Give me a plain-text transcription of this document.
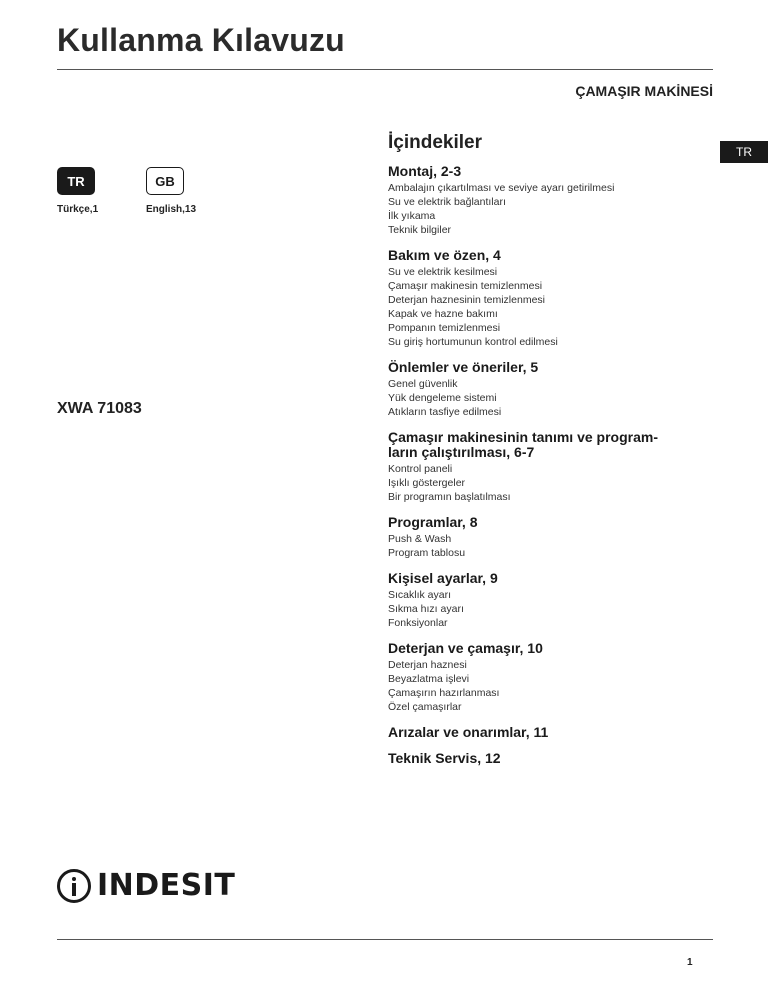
Kullanma Kılavuzu
ÇAMAŞIR MAKİNESİ
TR
TR
Türkçe,1
GB
English,13
XWA 71083
İçindekiler
Montaj, 2-3
Ambalajın çıkartılması ve seviye ayarı getirilmesi
Su ve elektrik bağlantıları
İlk yıkama
Teknik bilgiler
Bakım ve özen, 4
Su ve elektrik kesilmesi
Çamaşır makinesin temizlenmesi
Deterjan haznesinin temizlenmesi
Kapak ve hazne bakımı
Pompanın temizlenmesi
Su giriş hortumunun kontrol edilmesi
Önlemler ve öneriler, 5
Genel güvenlik
Yük dengeleme sistemi
Atıkların tasfiye edilmesi
Çamaşır makinesinin tanımı ve program-
ların çalıştırılması, 6-7
Kontrol paneli
Işıklı göstergeler
Bir programın başlatılması
Programlar, 8
Push & Wash
Program tablosu
Kişisel ayarlar, 9
Sıcaklık ayarı
Sıkma hızı ayarı
Fonksiyonlar
Deterjan ve çamaşır, 10
Deterjan haznesi
Beyazlatma işlevi
Çamaşırın hazırlanması
Özel çamaşırlar
Arızalar ve onarımlar, 11
Teknik Servis, 12
INDESIT
1
